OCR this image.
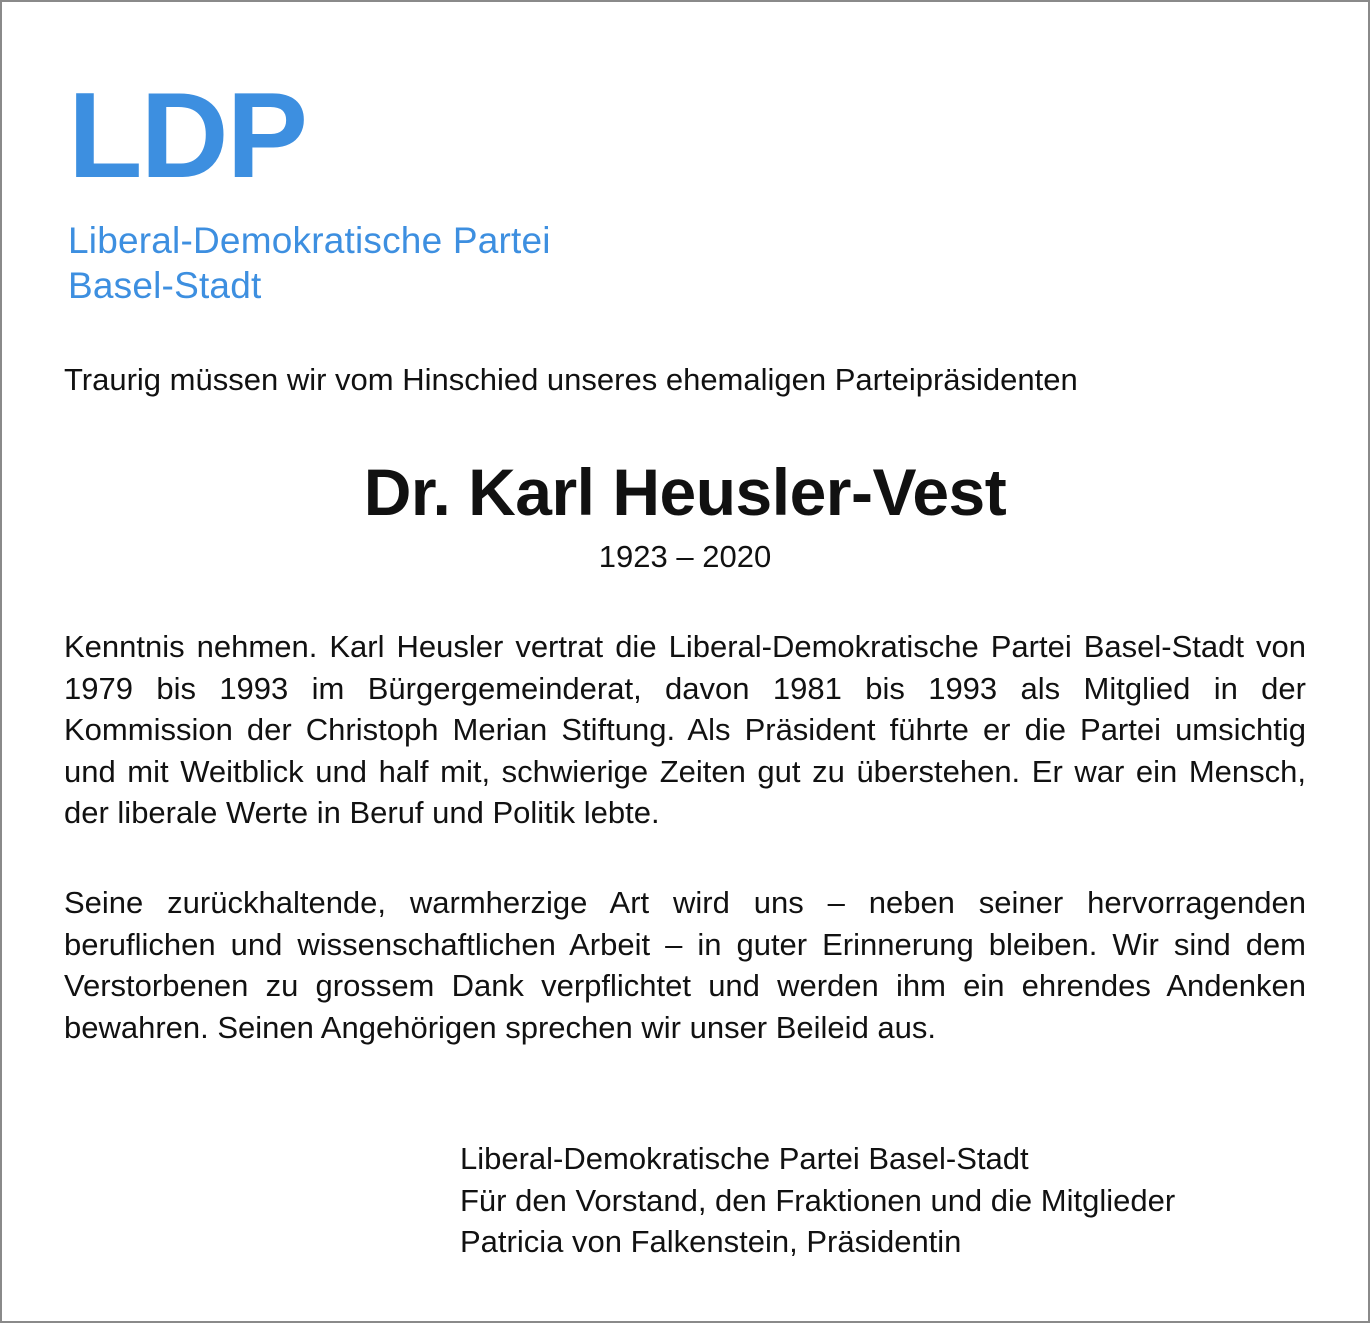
LDP
Liberal-Demokratische Partei
Basel-Stadt
Traurig müssen wir vom Hinschied unseres ehemaligen Parteipräsidenten
Dr. Karl Heusler-Vest
1923 – 2020

Kenntnis nehmen. Karl Heusler vertrat die Liberal-Demokratische Partei Basel-Stadt von 1979 bis 1993 im Bürgergemeinderat, davon 1981 bis 1993 als Mitglied in der Kommission der Christoph Merian Stiftung. Als Präsident führte er die Partei umsichtig und mit Weitblick und half mit, schwierige Zeiten gut zu überstehen. Er war ein Mensch, der liberale Werte in Beruf und Politik lebte.

Seine zurückhaltende, warmherzige Art wird uns – neben seiner hervorragenden beruflichen und wissenschaftlichen Arbeit – in guter Erinnerung bleiben. Wir sind dem Verstorbenen zu grossem Dank verpflichtet und werden ihm ein ehrendes Andenken bewahren. Seinen Angehörigen sprechen wir unser Beileid aus.

Liberal-Demokratische Partei Basel-Stadt
Für den Vorstand, den Fraktionen und die Mitglieder
Patricia von Falkenstein, Präsidentin
